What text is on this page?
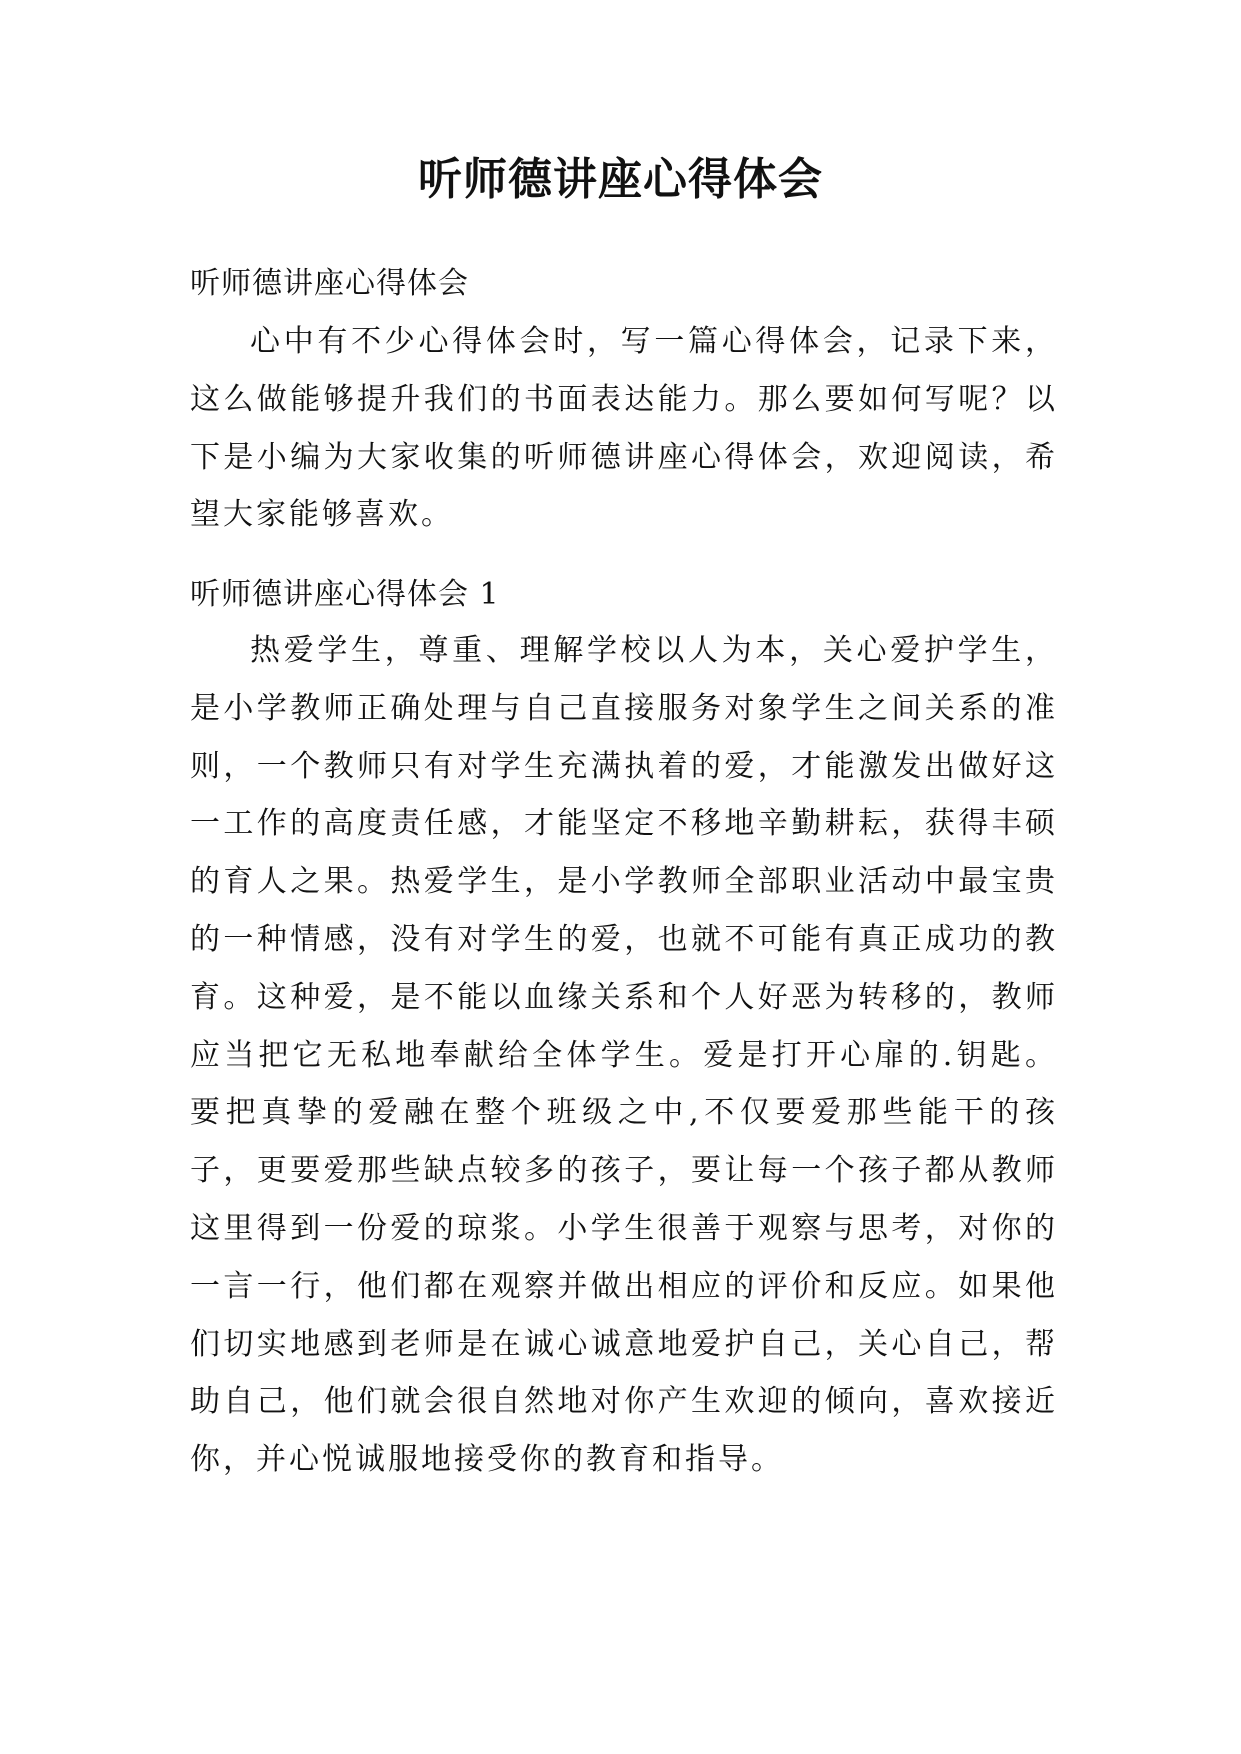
听师德讲座心得体会

听师德讲座心得体会

心中有不少心得体会时，写一篇心得体会，记录下来，这么做能够提升我们的书面表达能力。那么要如何写呢？以下是小编为大家收集的听师德讲座心得体会，欢迎阅读，希望大家能够喜欢。

听师德讲座心得体会 1

热爱学生，尊重、理解学校以人为本，关心爱护学生，是小学教师正确处理与自己直接服务对象学生之间关系的准则，一个教师只有对学生充满执着的爱，才能激发出做好这一工作的高度责任感，才能坚定不移地辛勤耕耘，获得丰硕的育人之果。热爱学生，是小学教师全部职业活动中最宝贵的一种情感，没有对学生的爱，也就不可能有真正成功的教育。这种爱，是不能以血缘关系和个人好恶为转移的，教师应当把它无私地奉献给全体学生。爱是打开心扉的.钥匙。要把真挚的爱融在整个班级之中,不仅要爱那些能干的孩子，更要爱那些缺点较多的孩子，要让每一个孩子都从教师这里得到一份爱的琼浆。小学生很善于观察与思考，对你的一言一行，他们都在观察并做出相应的评价和反应。如果他们切实地感到老师是在诚心诚意地爱护自己，关心自己，帮助自己，他们就会很自然地对你产生欢迎的倾向，喜欢接近你，并心悦诚服地接受你的教育和指导。
